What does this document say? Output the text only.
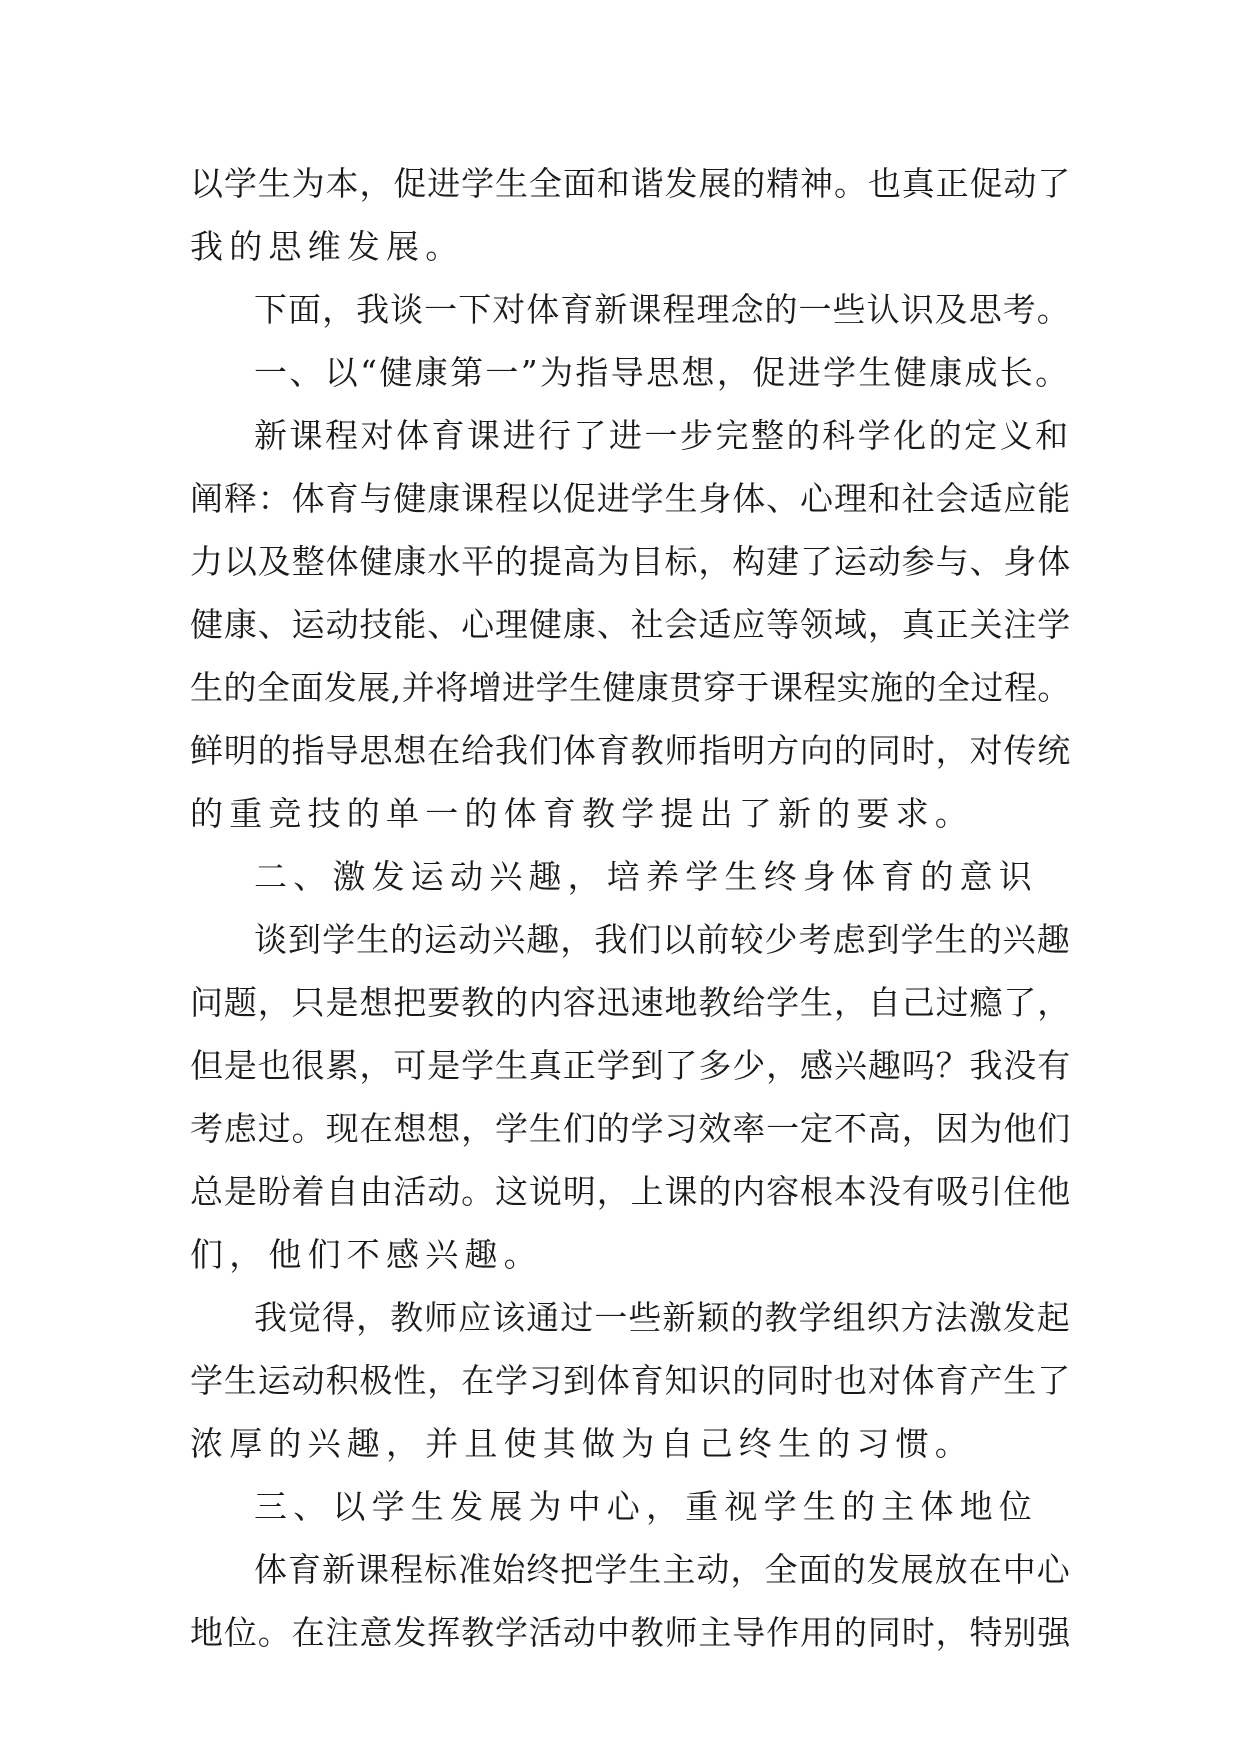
以学生为本，促进学生全面和谐发展的精神。也真正促动了
我的思维发展。
下面，我谈一下对体育新课程理念的一些认识及思考。
一、以“健康第一”为指导思想，促进学生健康成长。
新课程对体育课进行了进一步完整的科学化的定义和
阐释：体育与健康课程以促进学生身体、心理和社会适应能
力以及整体健康水平的提高为目标，构建了运动参与、身体
健康、运动技能、心理健康、社会适应等领域，真正关注学
生的全面发展,并将增进学生健康贯穿于课程实施的全过程。
鲜明的指导思想在给我们体育教师指明方向的同时，对传统
的重竞技的单一的体育教学提出了新的要求。
二、激发运动兴趣，培养学生终身体育的意识
谈到学生的运动兴趣，我们以前较少考虑到学生的兴趣
问题，只是想把要教的内容迅速地教给学生，自己过瘾了，
但是也很累，可是学生真正学到了多少，感兴趣吗？我没有
考虑过。现在想想，学生们的学习效率一定不高，因为他们
总是盼着自由活动。这说明，上课的内容根本没有吸引住他
们，他们不感兴趣。
我觉得，教师应该通过一些新颖的教学组织方法激发起
学生运动积极性，在学习到体育知识的同时也对体育产生了
浓厚的兴趣，并且使其做为自己终生的习惯。
三、以学生发展为中心，重视学生的主体地位
体育新课程标准始终把学生主动，全面的发展放在中心
地位。在注意发挥教学活动中教师主导作用的同时，特别强
